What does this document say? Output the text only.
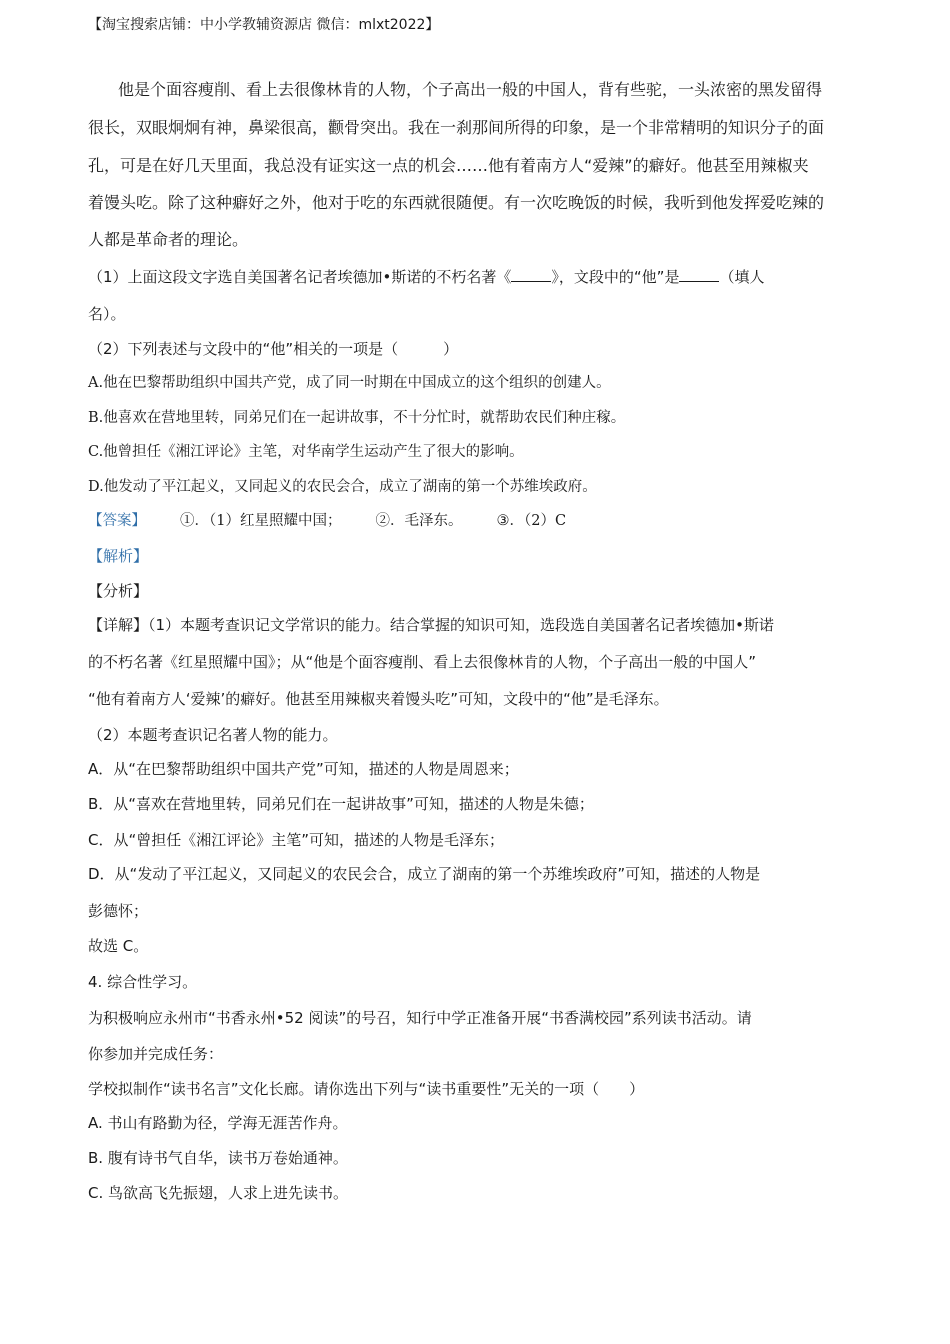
【淘宝搜索店铺：中小学教辅资源店 微信：mlxt2022】
他是个面容瘦削、看上去很像林肯的人物，个子高出一般的中国人，背有些驼，一头浓密的黑发留得
很长，双眼炯炯有神，鼻梁很高，颧骨突出。我在一刹那间所得的印象，是一个非常精明的知识分子的面
孔，可是在好几天里面，我总没有证实这一点的机会……他有着南方人“爱辣”的癖好。他甚至用辣椒夹
着馒头吃。除了这种癖好之外，他对于吃的东西就很随便。有一次吃晚饭的时候，我听到他发挥爱吃辣的
人都是革命者的理论。
（1）上面这段文字选自美国著名记者埃德加•斯诺的不朽名著《	》，文段中的“他”是	（填人
名）。
（2）下列表述与文段中的“他”相关的一项是（　　　）
A.他在巴黎帮助组织中国共产党，成了同一时期在中国成立的这个组织的创建人。
B.他喜欢在营地里转，同弟兄们在一起讲故事，不十分忙时，就帮助农民们种庄稼。
C.他曾担任《湘江评论》主笔，对华南学生运动产生了很大的影响。
D.他发动了平江起义，又同起义的农民会合，成立了湖南的第一个苏维埃政府。
【答案】 ①．（1）红星照耀中国； ②．毛泽东。 ③．（2）C
【解析】
【分析】
【详解】（1）本题考查识记文学常识的能力。结合掌握的知识可知，选段选自美国著名记者埃德加•斯诺
的不朽名著《红星照耀中国》；从“他是个面容瘦削、看上去很像林肯的人物，个子高出一般的中国人”
“他有着南方人‘爱辣’的癖好。他甚至用辣椒夹着馒头吃”可知，文段中的“他”是毛泽东。
（2）本题考查识记名著人物的能力。
A．从“在巴黎帮助组织中国共产党”可知，描述的人物是周恩来；
B．从“喜欢在营地里转，同弟兄们在一起讲故事”可知，描述的人物是朱德；
C．从“曾担任《湘江评论》主笔”可知，描述的人物是毛泽东；
D．从“发动了平江起义，又同起义的农民会合，成立了湖南的第一个苏维埃政府”可知，描述的人物是
彭德怀；
故选 C。
4. 综合性学习。
为积极响应永州市“书香永州•52 阅读”的号召，知行中学正准备开展“书香满校园”系列读书活动。请
你参加并完成任务：
学校拟制作“读书名言”文化长廊。请你选出下列与“读书重要性”无关的一项（　　）
A. 书山有路勤为径，学海无涯苦作舟。
B. 腹有诗书气自华，读书万卷始通神。
C. 鸟欲高飞先振翅，人求上进先读书。
